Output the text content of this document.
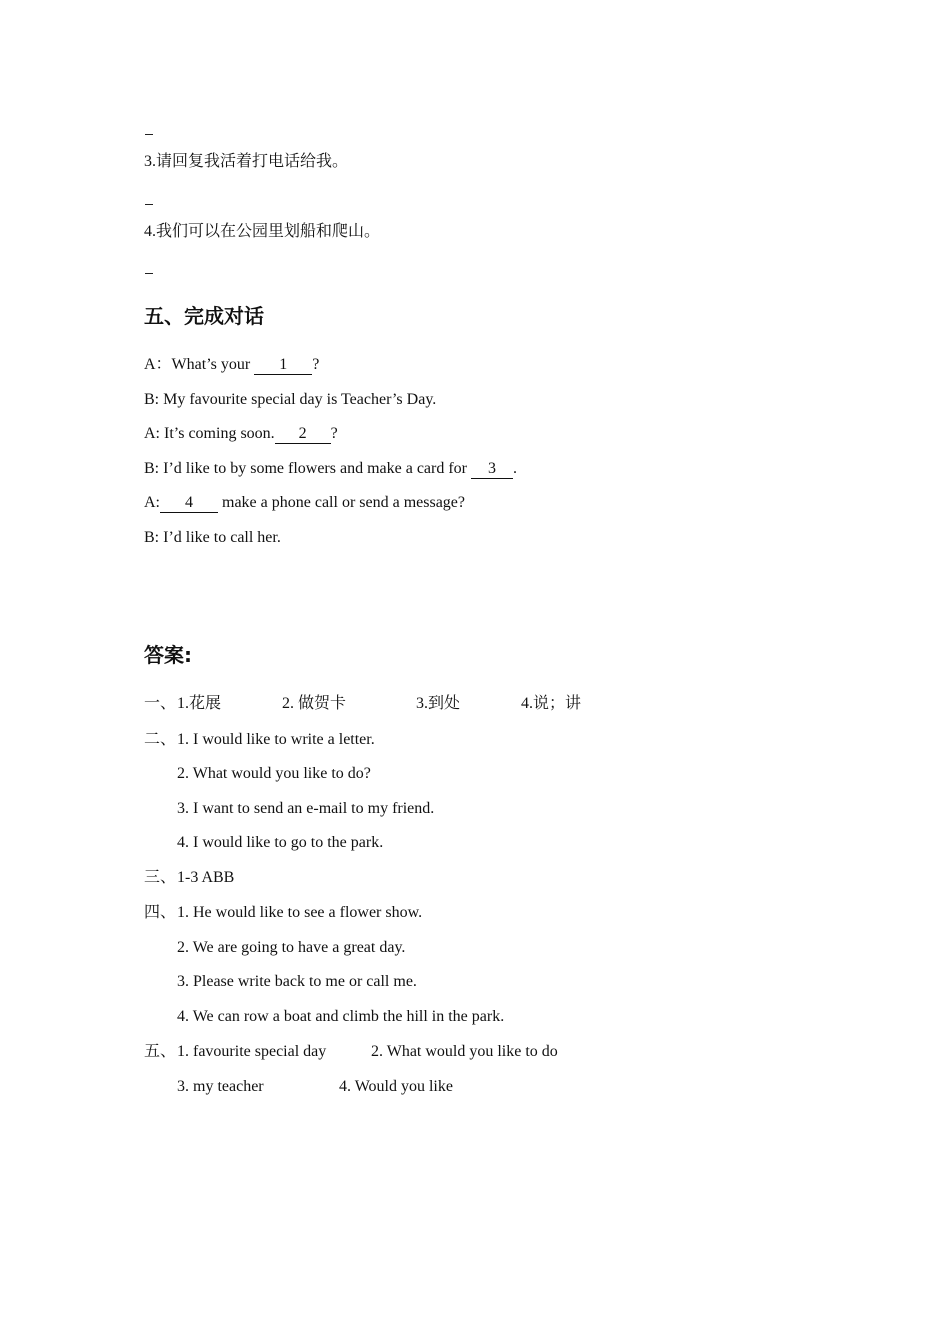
3.请回复我活着打电话给我。
4.我们可以在公园里划船和爬山。
五、完成对话
A：What’s your 1 ?
B: My favourite special day is Teacher’s Day.
A: It’s coming soon. 2 ?
B: I’d like to by some flowers and make a card for 3 .
A: 4 make a phone call or send a message?
B: I’d like to call her.
答案:
一、 1.花展	2. 做贺卡	3.到处	4.说；讲
二、 1. I would like to write a letter.
2. What would you like to do?
3. I want to send an e-mail to my friend.
4. I would like to go to the park.
三、 1-3 ABB
四、 1. He would like to see a flower show.
2. We are going to have a great day.
3. Please write back to me or call me.
4. We can row a boat and climb the hill in the park.
五、 1. favourite special day	2. What would you like to do
3. my teacher	4. Would you like
